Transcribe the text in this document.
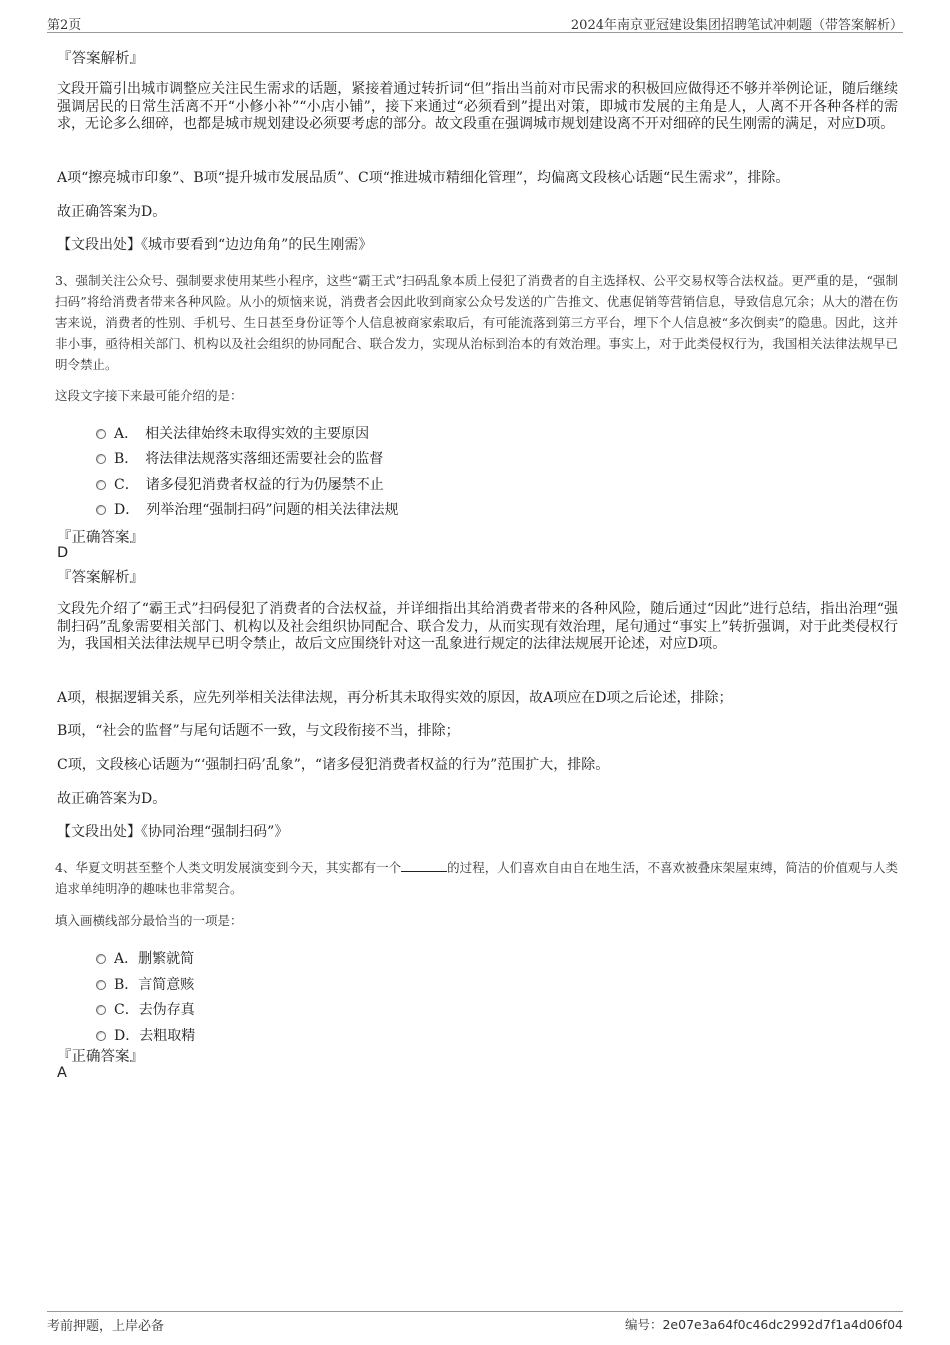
第2页	2024年南京亚冠建设集团招聘笔试冲刺题（带答案解析）
『答案解析』

文段开篇引出城市调整应关注民生需求的话题，紧接着通过转折词“但”指出当前对市民需求的积极回应做得还不够并举例论证，随后继续强调居民的日常生活离不开“小修小补”“小店小铺”，接下来通过“必须看到”提出对策，即城市发展的主角是人，人离不开各种各样的需求，无论多么细碎，也都是城市规划建设必须要考虑的部分。故文段重在强调城市规划建设离不开对细碎的民生刚需的满足，对应D项。

A项“擦亮城市印象”、B项“提升城市发展品质”、C项“推进城市精细化管理”，均偏离文段核心话题“民生需求”，排除。

故正确答案为D。

【文段出处】《城市要看到“边边角角”的民生刚需》

3、强制关注公众号、强制要求使用某些小程序，这些“霸王式”扫码乱象本质上侵犯了消费者的自主选择权、公平交易权等合法权益。更严重的是，“强制扫码”将给消费者带来各种风险。从小的烦恼来说，消费者会因此收到商家公众号发送的广告推文、优惠促销等营销信息，导致信息冗余；从大的潜在伤害来说，消费者的性别、手机号、生日甚至身份证等个人信息被商家索取后，有可能流落到第三方平台，埋下个人信息被“多次倒卖”的隐患。因此，这并非小事，亟待相关部门、机构以及社会组织的协同配合、联合发力，实现从治标到治本的有效治理。事实上，对于此类侵权行为，我国相关法律法规早已明令禁止。

这段文字接下来最可能介绍的是：

A．　相关法律始终未取得实效的主要原因
B．　将法律法规落实落细还需要社会的监督
C．　诸多侵犯消费者权益的行为仍屡禁不止
D．　列举治理“强制扫码”问题的相关法律法规
『正确答案』
D
『答案解析』

文段先介绍了“霸王式”扫码侵犯了消费者的合法权益，并详细指出其给消费者带来的各种风险，随后通过“因此”进行总结，指出治理“强制扫码”乱象需要相关部门、机构以及社会组织协同配合、联合发力，从而实现有效治理，尾句通过“事实上”转折强调，对于此类侵权行为，我国相关法律法规早已明令禁止，故后文应围绕针对这一乱象进行规定的法律法规展开论述，对应D项。

A项，根据逻辑关系，应先列举相关法律法规，再分析其未取得实效的原因，故A项应在D项之后论述，排除；

B项，“社会的监督”与尾句话题不一致，与文段衔接不当，排除；

C项，文段核心话题为“‘强制扫码’乱象”，“诸多侵犯消费者权益的行为”范围扩大，排除。

故正确答案为D。

【文段出处】《协同治理“强制扫码”》

4、华夏文明甚至整个人类文明发展演变到今天，其实都有一个	的过程，人们喜欢自由自在地生活，不喜欢被叠床架屋束缚，简洁的价值观与人类追求单纯明净的趣味也非常契合。

填入画横线部分最恰当的一项是：

A．删繁就简
B．言简意赅
C．去伪存真
D．去粗取精
『正确答案』
A
考前押题，上岸必备	编号：2e07e3a64f0c46dc2992d7f1a4d06f04
